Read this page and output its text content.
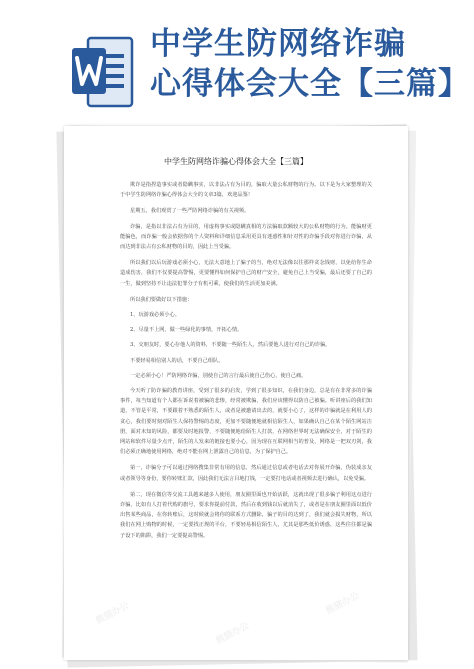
中学生防网络诈骗
心得体会大全【三篇】
中学生防网络诈骗心得体会大全【三篇】

欺诈是指捏造事实或者隐瞒事实，以非法占有为目的，骗取大量公私财物的行为。以下是为大家整理的关于中学生防网络诈骗心得体会大全的文章3篇，欢迎品鉴！

星期五，我们观赏了一些严防网络诈骗的有关视频。

诈骗，是指以非法占有为目的，用虚构事实或隐瞒真相的方法骗取款额较大的公私财物的行为。能骗财更能骗色，而诈骗一般会依据你的个人资料和详细信息采用更具有迷惑性和针对性的诈骗手段对你进行诈骗，从而达到非法占有公私财物的目的，因此上当受骗。

所以我们以后玩游戏必须小心，无法大意地上了骗子的当，绝对无法像以往那样贪念钱财，以免给你生命造成伤害，我们不仅要提高警惕，更要懂得如何保护自己的财产安全，避免自己上当受骗，最后还要了自己的一生，做到坚持不让违法犯罪分子有机可乘，使我们的生活更加美满。

所以我们要做好以下措施：

1、玩游戏必须小心。

2、尽量不上网，做一些绿化的事情，开拓心情。

3、交朋友时，要心存他人的资料，不要随一些陌生人，然后要他人进行对自己的诈骗。

不要轻易相信别人的话，不要自己组队。

一定必须小心！严防网络诈骗，别使自己的言行最后使自己伤心，使自己痛。

今天听了防诈骗的教育讲座，受到了很多的启发，学到了很多知识，在我们身边，总是有在非常多的诈骗事件，每当知道有个人都在诉说着被骗的悲惨，经常被欺骗，我们应该懂得以防自己被骗。听讲座后的我们知道，不管是平常，不要跟着不熟悉的陌生人，或者是被邀请出去的，就要小心了，这样的诈骗就是在利用人的贪心，我们要时刻对陌生人保持警惕的态度，更加不要随便地就相信陌生人，如果确认自己在某个陌生网站注册，面对未知的风险，都要及时地报警，不要随便地给陌生人打款，在网络世界时无法确保安全，对于陌生的网站和软件尽量少点开，陌生的人发来的链接也要小心，因为现在互联网相当的普及，网络是一把双刃剑，我们必须正确地使用网络，绝对不能在网上泄露自己的信息，为了保护自己。

第一，诈骗分子可以通过网络搜集非常有用的信息，然后通过信息或者电话去对你展开诈骗，伪装成亲友或者领导等身份，要你转账汇款，因此我们无法言目地打钱，一定要打电话或者视频去进行确认，以免受骗。

第二，现在微信等交流工具越来越多人使用，朋友圈里面也开始活跃，这就出现了很多骗子利用这点进行诈骗，比如有人打着代购的旗号，要求你提前付款，然后在收到钱以后就消失了，或者是在朋友圈里面以低价出售某些商品，在你转账后，这时候就会将你的联系方式删除，骗子的目的达到了，我们就会损失财物，所以我们在网上购物的时候，一定要找正规的平台，不要轻易相信陌生人，尤其是那些低价诱惑，这些往往都是骗子设下的陷阱，我们一定要提高警惕。

熊猫办公
熊猫办公
熊猫办公
